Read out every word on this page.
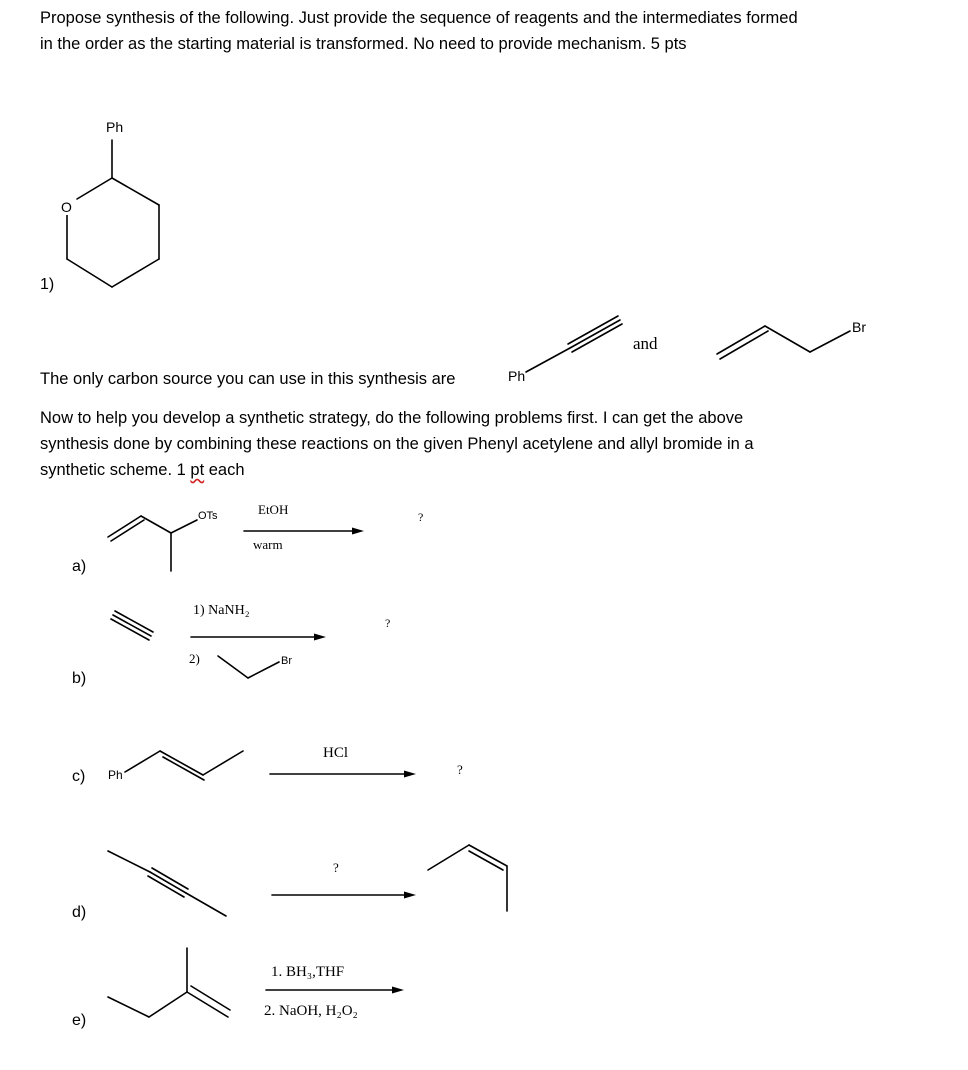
Propose synthesis of the following. Just provide the sequence of reagents and the intermediates formed
in the order as the starting material is transformed. No need to provide mechanism. 5 pts
1)
Ph
O
The only carbon source you can use in this synthesis are	Ph
and
Br
Now to help you develop a synthetic strategy, do the following problems first. I can get the above
synthesis done by combining these reactions on the given Phenyl acetylene and allyl bromide in a
synthetic scheme. 1 pt each
a)
OTs	EtOH
warm
?
b)
1) NaNH₂
2)	Br
?
c) Ph
HCl
?
d)
?
e)
1. BH₃,THF
2. NaOH, H₂O₂
